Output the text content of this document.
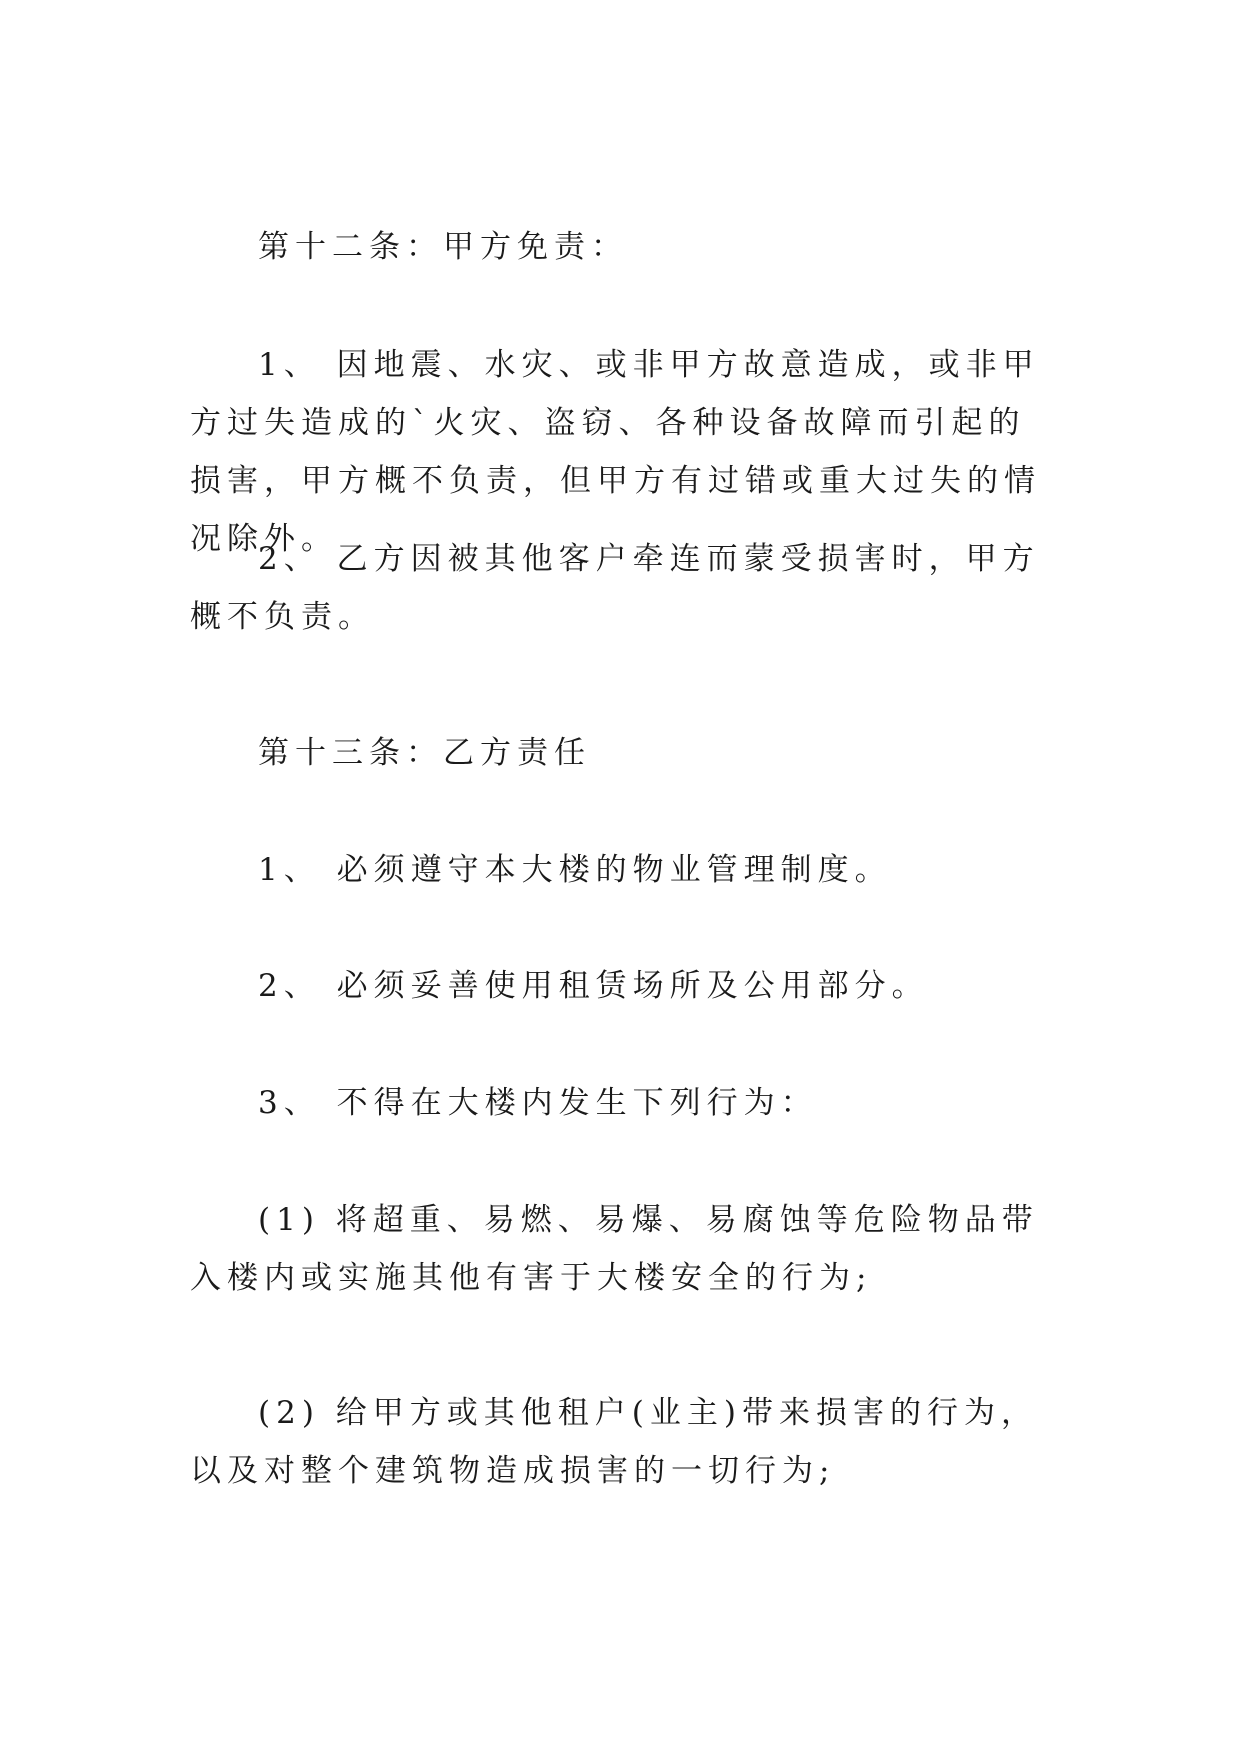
第十二条：甲方免责：

1、 因地震、水灾、或非甲方故意造成，或非甲方过失造成的`火灾、盗窃、各种设备故障而引起的损害，甲方概不负责，但甲方有过错或重大过失的情况除外。

2、 乙方因被其他客户牵连而蒙受损害时，甲方概不负责。

第十三条：乙方责任

1、 必须遵守本大楼的物业管理制度。

2、 必须妥善使用租赁场所及公用部分。

3、 不得在大楼内发生下列行为：

(1) 将超重、易燃、易爆、易腐蚀等危险物品带入楼内或实施其他有害于大楼安全的行为;

(2) 给甲方或其他租户(业主)带来损害的行为，以及对整个建筑物造成损害的一切行为;
